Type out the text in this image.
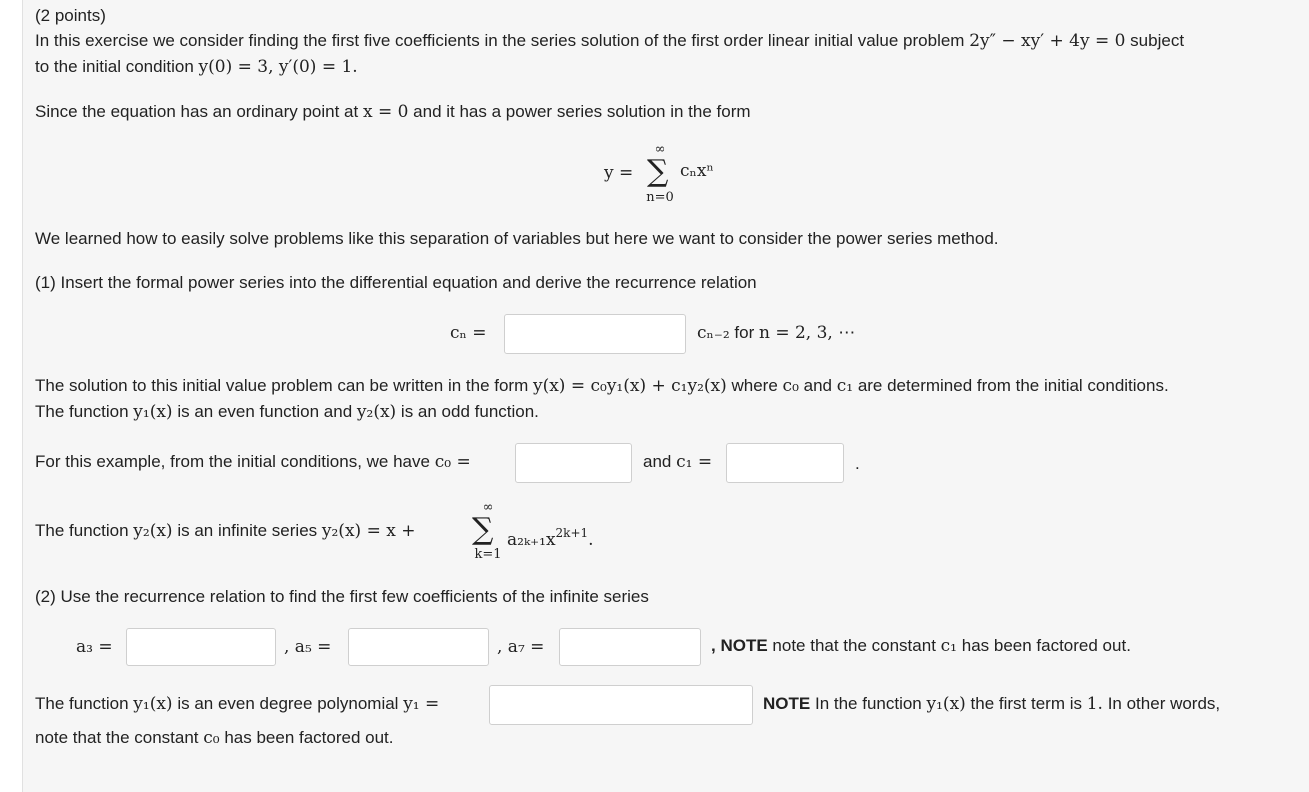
(2 points)
In this exercise we consider finding the first five coefficients in the series solution of the first order linear initial value problem 2y″ − xy′ + 4y = 0 subject
to the initial condition y(0) = 3, y′(0) = 1.
Since the equation has an ordinary point at x = 0 and it has a power series solution in the form
y = ∑
∞
n=0
cₙxⁿ
We learned how to easily solve problems like this separation of variables but here we want to consider the power series method.
(1) Insert the formal power series into the differential equation and derive the recurrence relation
cₙ =	cₙ₋₂ for n = 2, 3, ⋯
The solution to this initial value problem can be written in the form y(x) = c₀y₁(x) + c₁y₂(x) where c₀ and c₁ are determined from the initial conditions.
The function y₁(x) is an even function and y₂(x) is an odd function.
For this example, from the initial conditions, we have c₀ =	and c₁ =	.
The function y₂(x) is an infinite series y₂(x) = x +
∞
∑
k=1
$a_{2k+1}x^{2k+1}$.
(2) Use the recurrence relation to find the first few coefficients of the infinite series
a₃ =	, a₅ =	, a₇ =	, NOTE note that the constant c₁ has been factored out.
The function y₁(x) is an even degree polynomial y₁ =	NOTE In the function y₁(x) the first term is 1. In other words,
note that the constant c₀ has been factored out.
